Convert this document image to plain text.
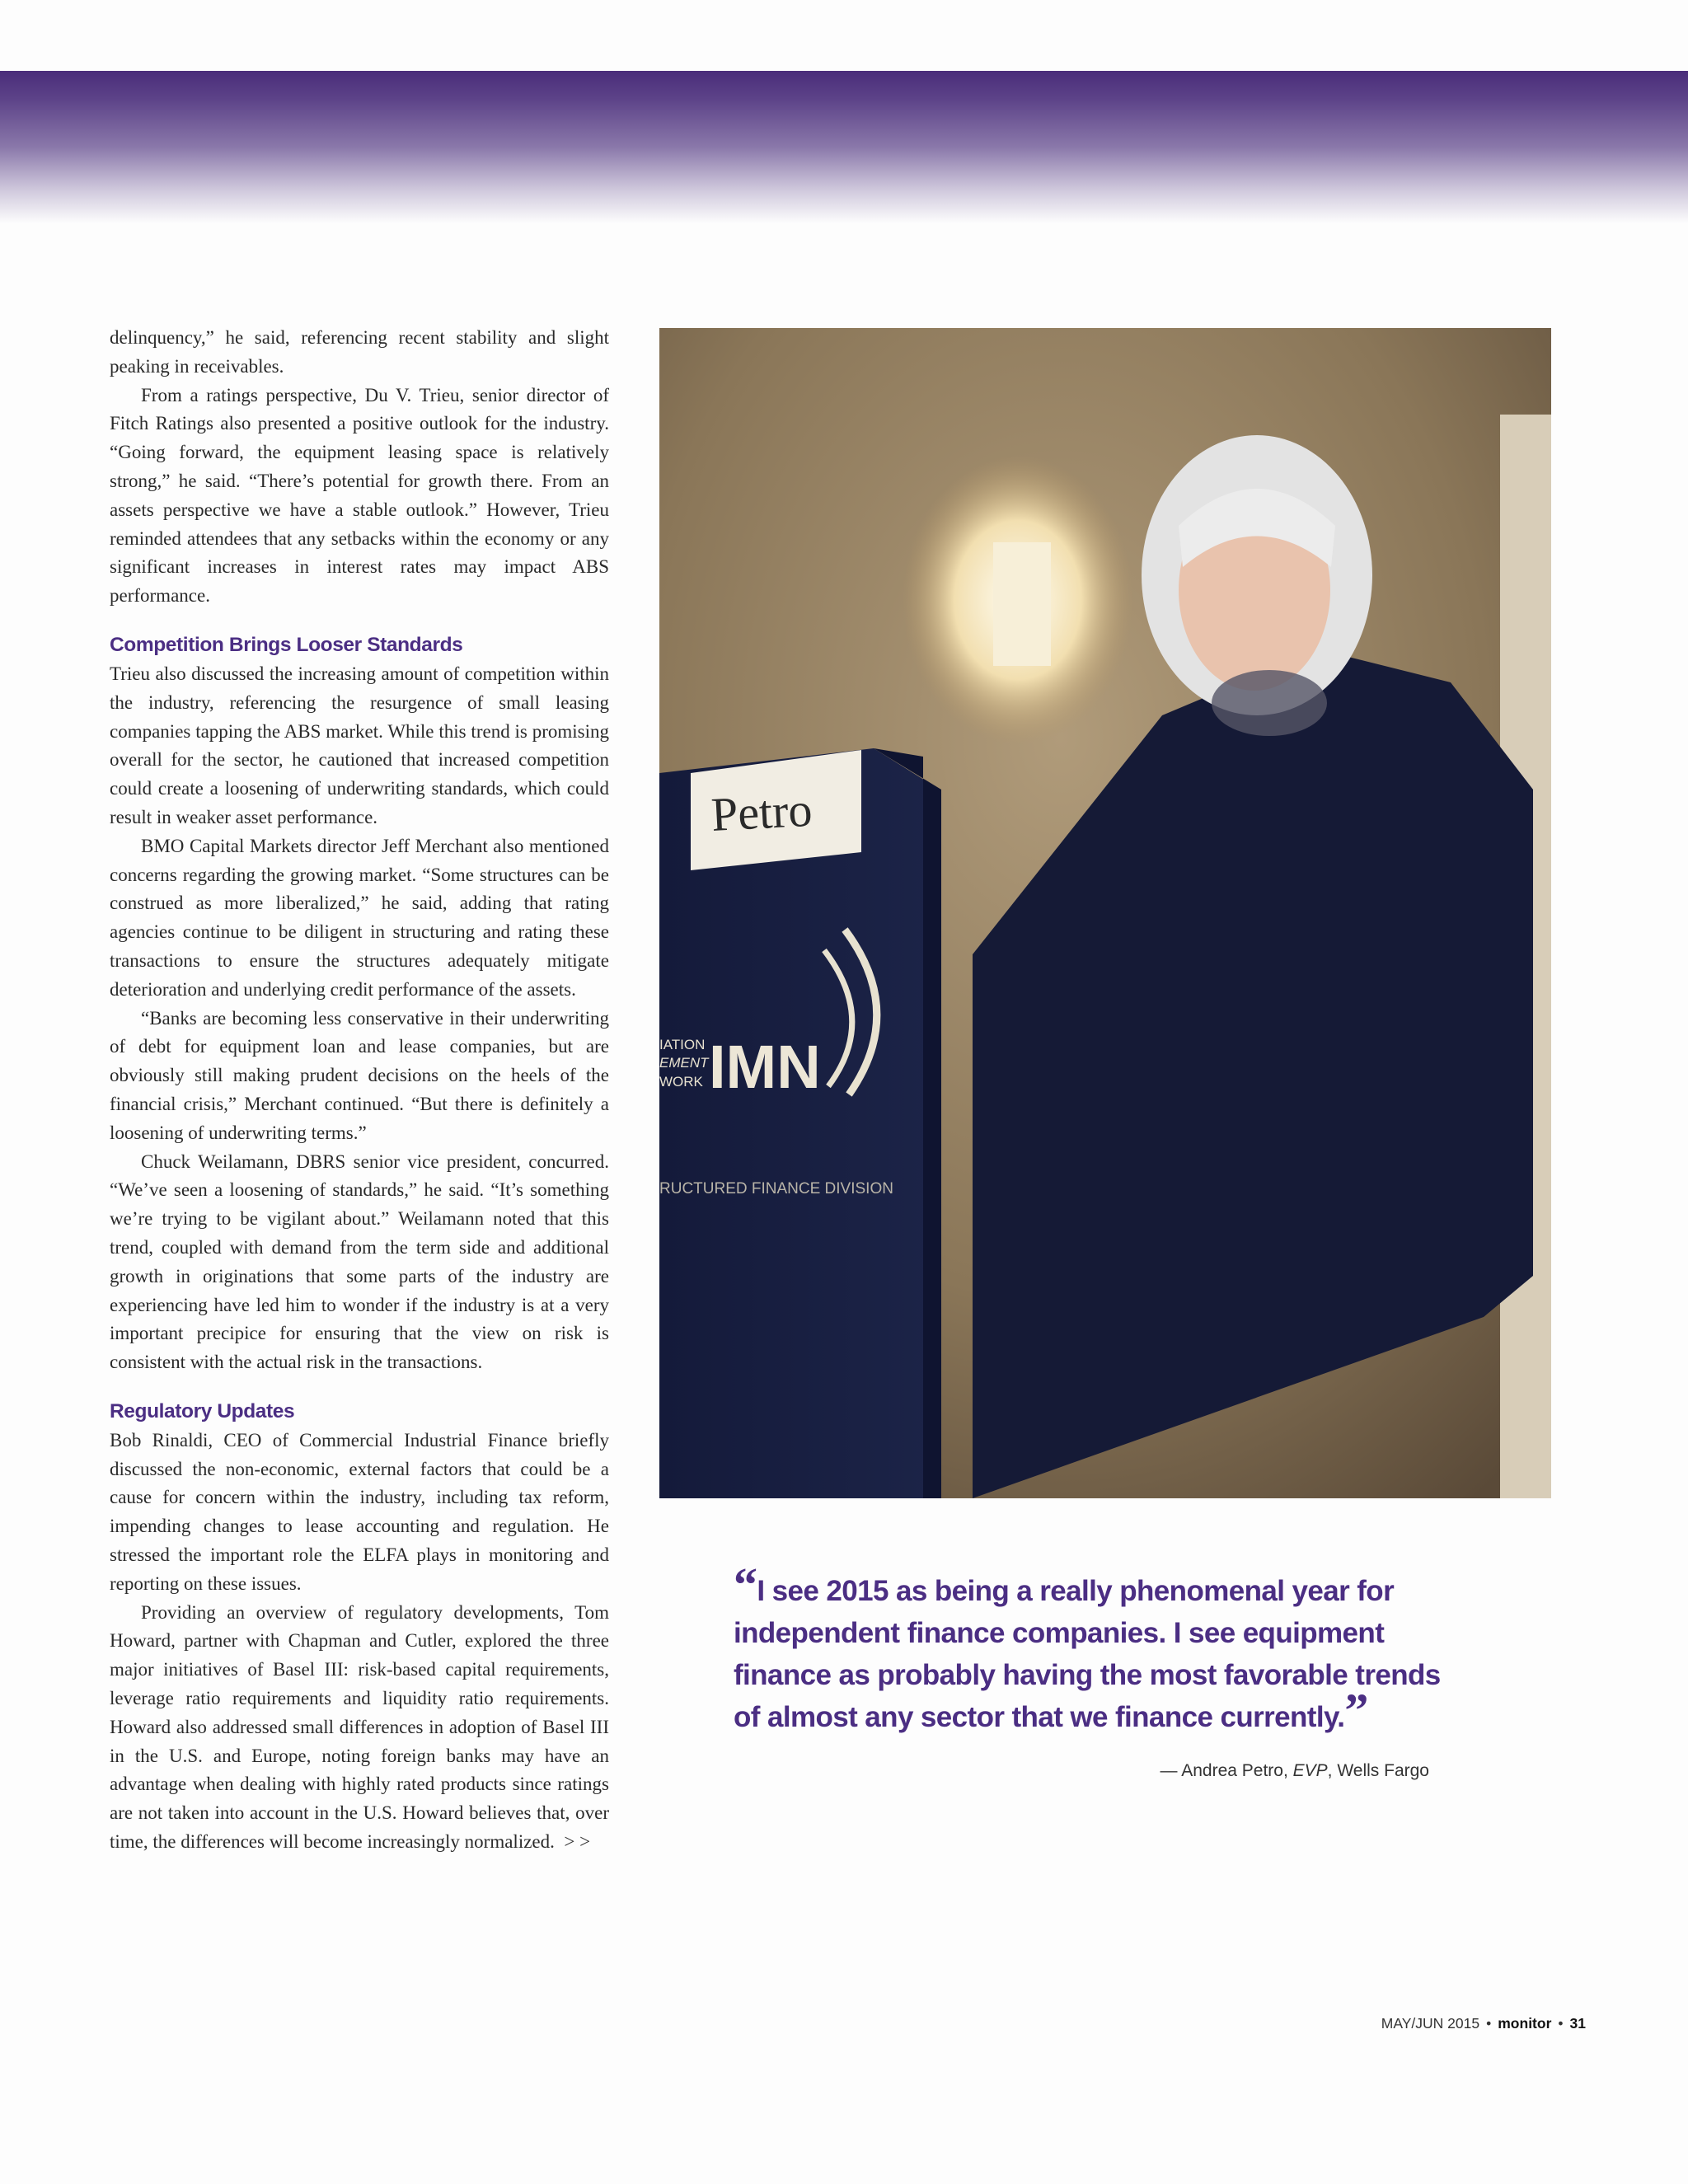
delinquency,” he said, referencing recent stability and slight peaking in receivables.

From a ratings perspective, Du V. Trieu, senior director of Fitch Ratings also presented a positive outlook for the industry. “Going forward, the equipment leasing space is relatively strong,” he said. “There’s potential for growth there. From an assets perspective we have a stable outlook.” However, Trieu reminded attendees that any setbacks within the economy or any significant increases in interest rates may impact ABS performance.

Competition Brings Looser Standards

Trieu also discussed the increasing amount of competition within the industry, referencing the resurgence of small leasing companies tapping the ABS market. While this trend is promising overall for the sector, he cautioned that increased competition could create a loosening of underwriting standards, which could result in weaker asset performance.

BMO Capital Markets director Jeff Merchant also mentioned concerns regarding the growing market. “Some structures can be construed as more liberalized,” he said, adding that rating agencies continue to be diligent in structuring and rating these transactions to ensure the structures adequately mitigate deterioration and underlying credit performance of the assets.

“Banks are becoming less conservative in their underwriting of debt for equipment loan and lease companies, but are obviously still making prudent decisions on the heels of the financial crisis,” Merchant continued. “But there is definitely a loosening of underwriting terms.”

Chuck Weilamann, DBRS senior vice president, concurred. “We’ve seen a loosening of standards,” he said. “It’s something we’re trying to be vigilant about.” Weilamann noted that this trend, coupled with demand from the term side and additional growth in originations that some parts of the industry are experiencing have led him to wonder if the industry is at a very important precipice for ensuring that the view on risk is consistent with the actual risk in the transactions.

Regulatory Updates

Bob Rinaldi, CEO of Commercial Industrial Finance briefly discussed the non-economic, external factors that could be a cause for concern within the industry, including tax reform, impending changes to lease accounting and regulation. He stressed the important role the ELFA plays in monitoring and reporting on these issues.

Providing an overview of regulatory developments, Tom Howard, partner with Chapman and Cutler, explored the three major initiatives of Basel III: risk-based capital requirements, leverage ratio requirements and liquidity ratio requirements. Howard also addressed small differences in adoption of Basel III in the U.S. and Europe, noting foreign banks may have an advantage when dealing with highly rated products since ratings are not taken into account in the U.S. Howard believes that, over time, the differences will become increasingly normalized. > >

Petro
IATION
EMENT
WORK IMN
RUCTURED FINANCE DIVISION
“I see 2015 as being a really phenomenal year for independent finance companies. I see equipment finance as probably having the most favorable trends of almost any sector that we finance currently.”
— Andrea Petro, EVP, Wells Fargo
MAY/JUN 2015 • monitor • 31
